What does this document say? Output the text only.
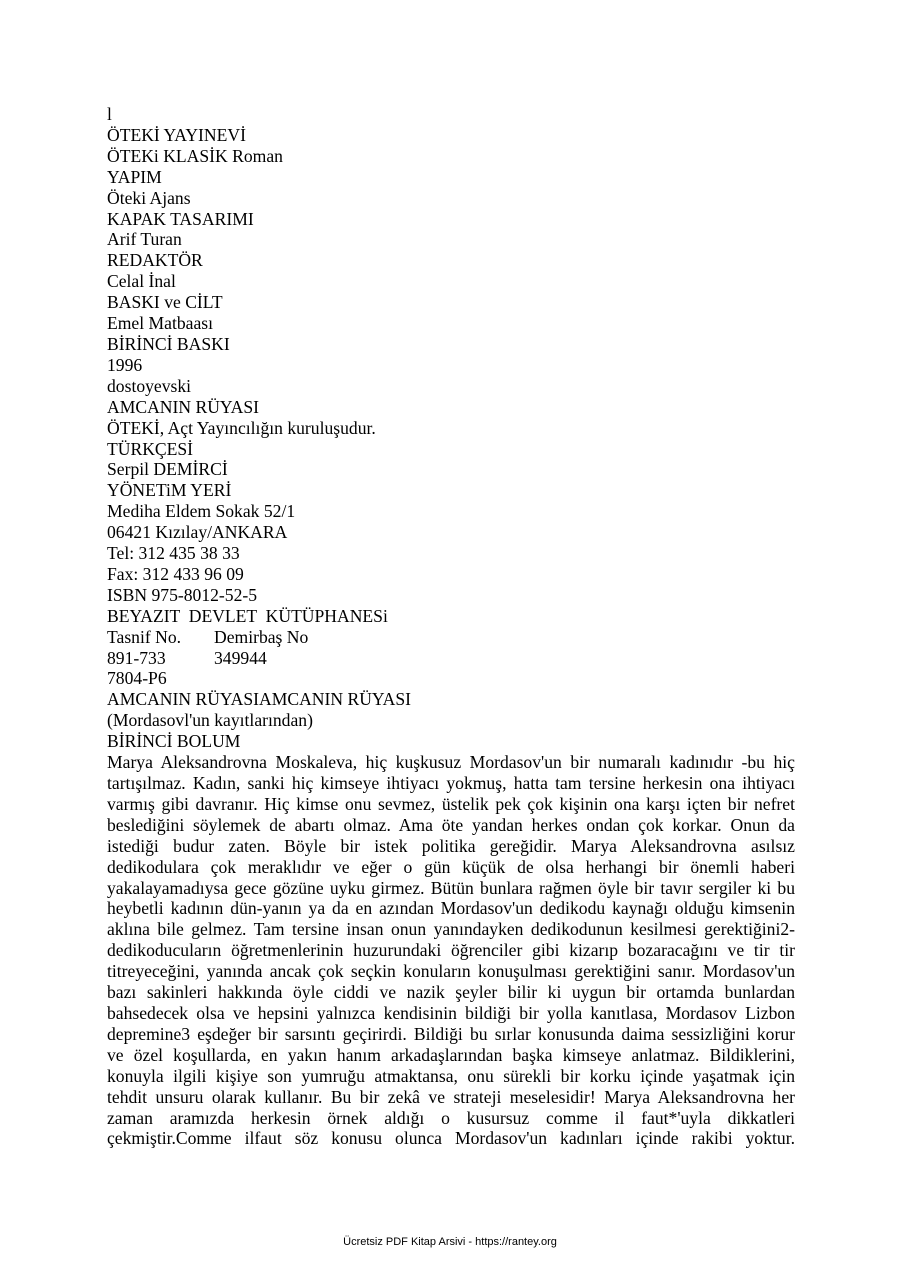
l
ÖTEKİ YAYINEVİ
ÖTEKi KLASİK Roman
YAPIM
Öteki Ajans
KAPAK TASARIMI
Arif Turan
REDAKTÖR
Celal İnal
BASKI ve CİLT
Emel Matbaası
BİRİNCİ BASKI
1996
dostoyevski
AMCANIN RÜYASI
ÖTEKİ, Açt Yayıncılığın kuruluşudur.
TÜRKÇESİ
Serpil DEMİRCİ
YÖNETiM YERİ
Mediha Eldem Sokak 52/1
06421 Kızılay/ANKARA
Tel: 312 435 38 33
Fax: 312 433 96 09
ISBN 975-8012-52-5
BEYAZIT  DEVLET  KÜTÜPHANESi
Tasnif No. Demirbaş No
891-733	349944
7804-P6
AMCANIN RÜYASIAMCANIN RÜYASI
(Mordasovl'un kayıtlarından)
BİRİNCİ BOLUM
Marya Aleksandrovna Moskaleva, hiç kuşkusuz Mordasov'un bir numaralı kadınıdır -bu hiç
tartışılmaz. Kadın, sanki hiç kimseye ihtiyacı yokmuş, hatta tam tersine herkesin ona ihtiyacı
varmış gibi davranır. Hiç kimse onu sevmez, üstelik pek çok kişinin ona karşı içten bir nefret
beslediğini söylemek de abartı olmaz. Ama öte yandan herkes ondan çok korkar. Onun da
istediği budur zaten. Böyle bir istek politika gereğidir. Marya Aleksandrovna asılsız
dedikodulara çok meraklıdır ve eğer o gün küçük de olsa herhangi bir önemli haberi
yakalayamadıysa gece gözüne uyku girmez. Bütün bunlara rağmen öyle bir tavır sergiler ki bu
heybetli kadının dün-yanın ya da en azından Mordasov'un dedikodu kaynağı olduğu kimsenin
aklına bile gelmez. Tam tersine insan onun yanındayken dedikodunun kesilmesi gerektiğini2-
dedikoducuların öğretmenlerinin huzurundaki öğrenciler gibi kizarıp bozaracağını ve tir tir
titreyeceğini, yanında ancak çok seçkin konuların konuşulması gerektiğini sanır. Mordasov'un
bazı sakinleri hakkında öyle ciddi ve nazik şeyler bilir ki uygun bir ortamda bunlardan
bahsedecek olsa ve hepsini yalnızca kendisinin bildiği bir yolla kanıtlasa, Mordasov Lizbon
depremine3 eşdeğer bir sarsıntı geçirirdi. Bildiği bu sırlar konusunda daima sessizliğini korur
ve özel koşullarda, en yakın hanım arkadaşlarından başka kimseye anlatmaz. Bildiklerini,
konuyla ilgili kişiye son yumruğu atmaktansa, onu sürekli bir korku içinde yaşatmak için
tehdit unsuru olarak kullanır. Bu bir zekâ ve strateji meselesidir! Marya Aleksandrovna her
zaman aramızda herkesin örnek aldığı o kusursuz comme il faut*'uyla dikkatleri
çekmiştir.Comme ilfaut söz konusu olunca Mordasov'un kadınları içinde rakibi yoktur.
Ücretsiz PDF Kitap Arsivi - https://rantey.org
